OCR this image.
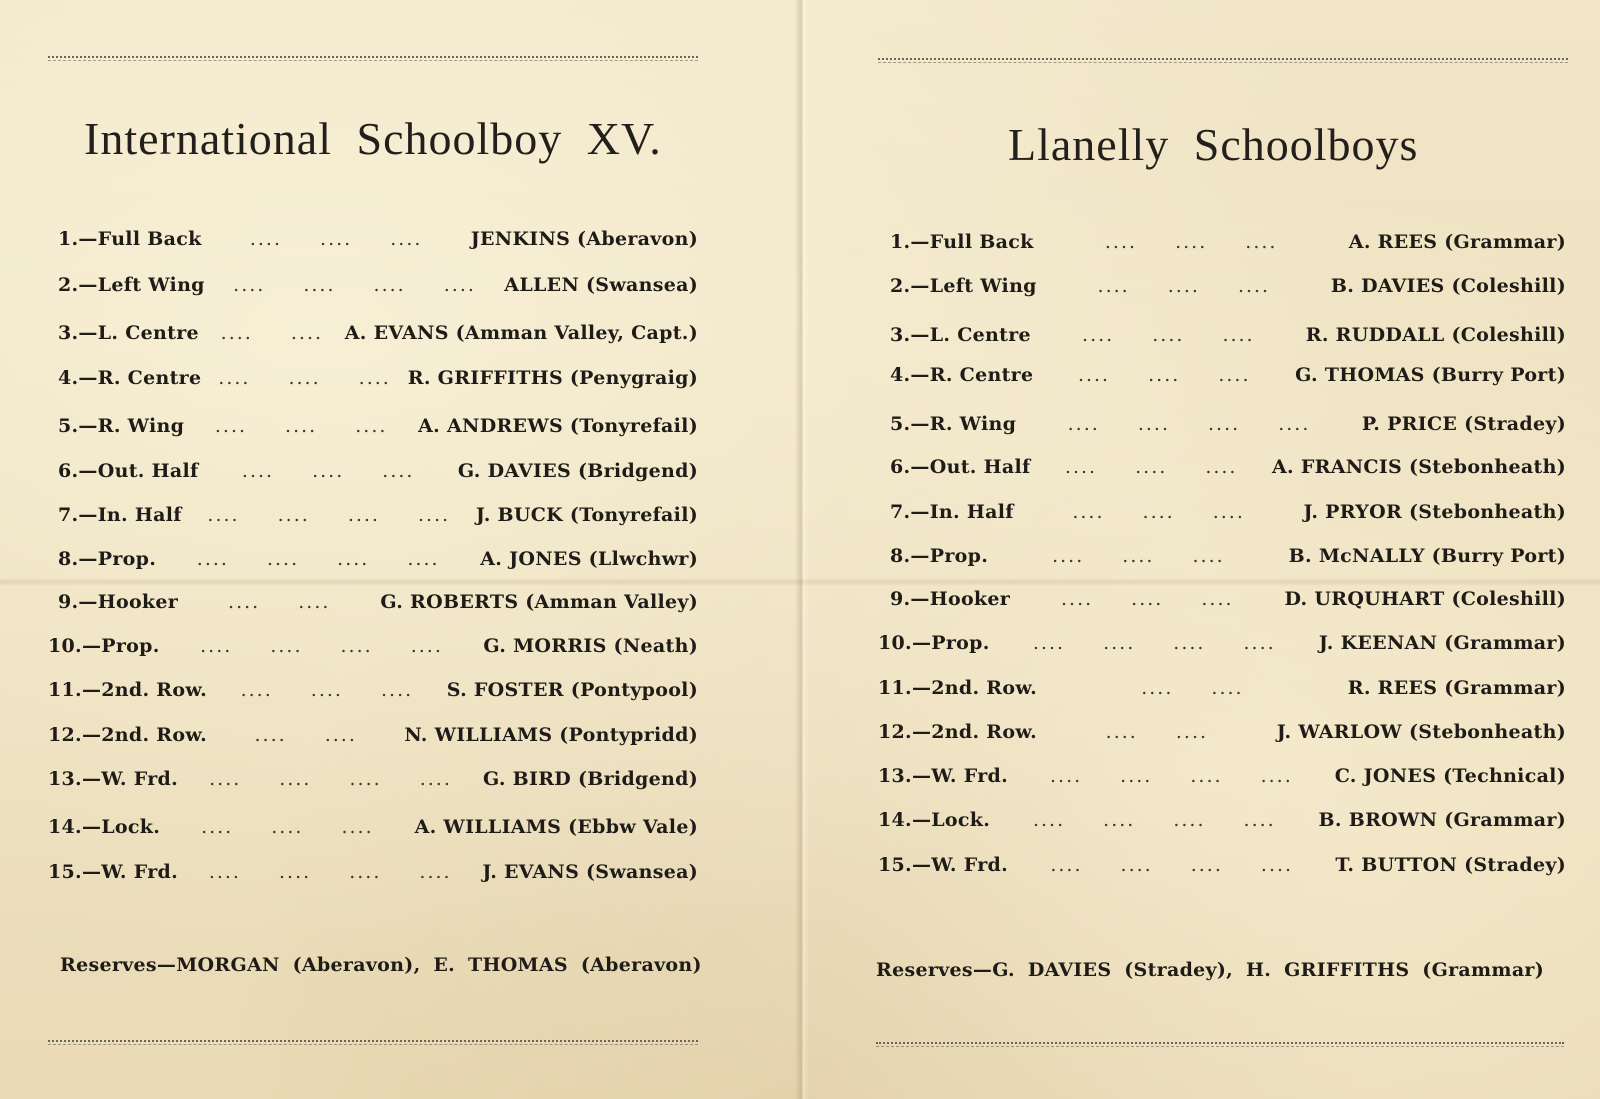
International Schoolboy XV.
1.—Full Back	.... .... ....	JENKINS (Aberavon)
2.—Left Wing	.... .... .... ....	ALLEN (Swansea)
3.—L. Centre	.... ....	A. EVANS (Amman Valley, Capt.)
4.—R. Centre .... .... .... R. GRIFFITHS (Penygraig)
5.—R. Wing	.... .... ....	A. ANDREWS (Tonyrefail)
6.—Out. Half	.... .... ....	G. DAVIES (Bridgend)
7.—In. Half	.... .... .... ....	J. BUCK (Tonyrefail)
8.—Prop.	.... .... .... ....	A. JONES (Llwchwr)
9.—Hooker	.... ....	G. ROBERTS (Amman Valley)
10.—Prop.	.... .... .... ....	G. MORRIS (Neath)
11.—2nd. Row.	.... .... ....	S. FOSTER (Pontypool)
12.—2nd. Row.	.... ....	N. WILLIAMS (Pontypridd)
13.—W. Frd.	.... .... .... ....	G. BIRD (Bridgend)
14.—Lock.	.... .... ....	A. WILLIAMS (Ebbw Vale)
15.—W. Frd.	.... .... .... ....	J. EVANS (Swansea)
Reserves—MORGAN (Aberavon), E. THOMAS (Aberavon)
Llanelly Schoolboys
1.—Full Back	.... .... ....	A. REES (Grammar)
2.—Left Wing	.... .... ....	B. DAVIES (Coleshill)
3.—L. Centre	.... .... ....	R. RUDDALL (Coleshill)
4.—R. Centre	.... .... ....	G. THOMAS (Burry Port)
5.—R. Wing	.... .... .... ....	P. PRICE (Stradey)
6.—Out. Half	.... .... ....	A. FRANCIS (Stebonheath)
7.—In. Half	.... .... ....	J. PRYOR (Stebonheath)
8.—Prop.	.... .... ....	B. McNALLY (Burry Port)
9.—Hooker	.... .... ....	D. URQUHART (Coleshill)
10.—Prop.	.... .... .... ....	J. KEENAN (Grammar)
11.—2nd. Row.	.... ....	R. REES (Grammar)
12.—2nd. Row.	.... ....	J. WARLOW (Stebonheath)
13.—W. Frd.	.... .... .... ....	C. JONES (Technical)
14.—Lock.	.... .... .... ....	B. BROWN (Grammar)
15.—W. Frd.	.... .... .... ....	T. BUTTON (Stradey)
Reserves—G. DAVIES (Stradey), H. GRIFFITHS (Grammar)
